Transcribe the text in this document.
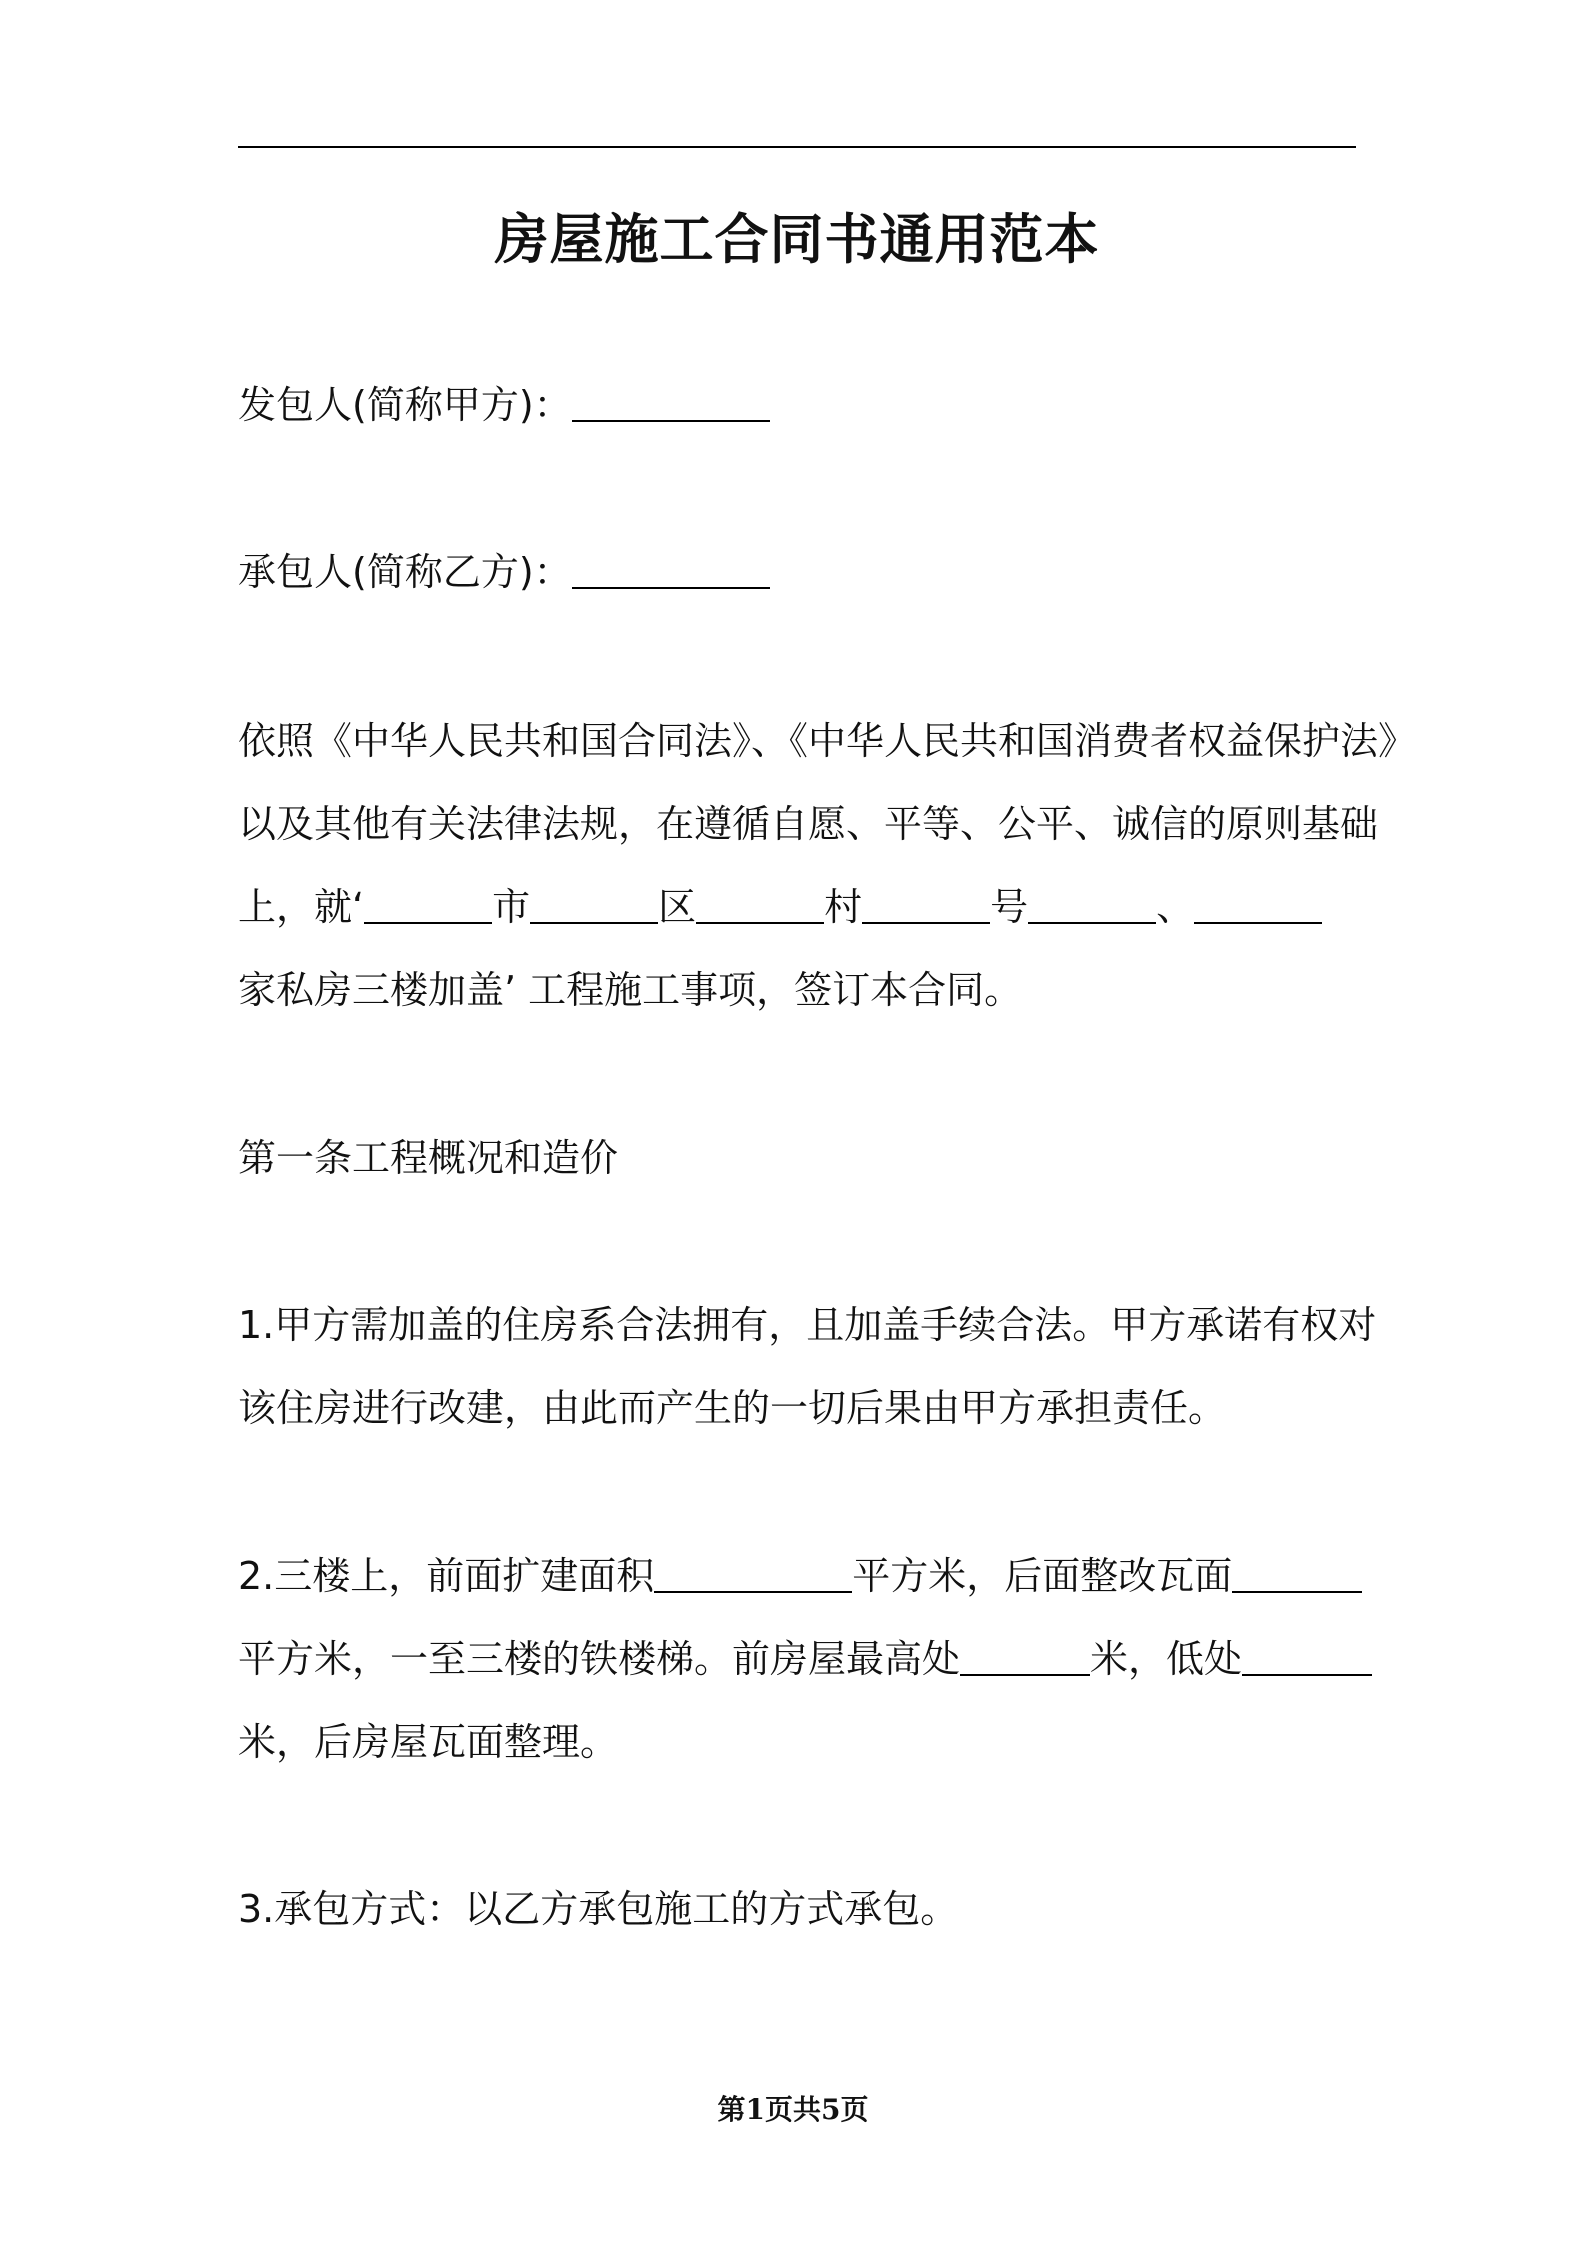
房屋施工合同书通用范本
发包人(简称甲方)：
承包人(简称乙方)：
依照《中华人民共和国合同法》、《中华人民共和国消费者权益保护法》
以及其他有关法律法规，在遵循自愿、平等、公平、诚信的原则基础
上，就‘	市	区	村	号	、
家私房三楼加盖’ 工程施工事项，签订本合同。
第一条工程概况和造价
1.甲方需加盖的住房系合法拥有，且加盖手续合法。甲方承诺有权对
该住房进行改建，由此而产生的一切后果由甲方承担责任。
2.三楼上，前面扩建面积	平方米，后面整改瓦面
平方米，一至三楼的铁楼梯。前房屋最高处	米，低处
米，后房屋瓦面整理。
3.承包方式：以乙方承包施工的方式承包。
第1页共5页
